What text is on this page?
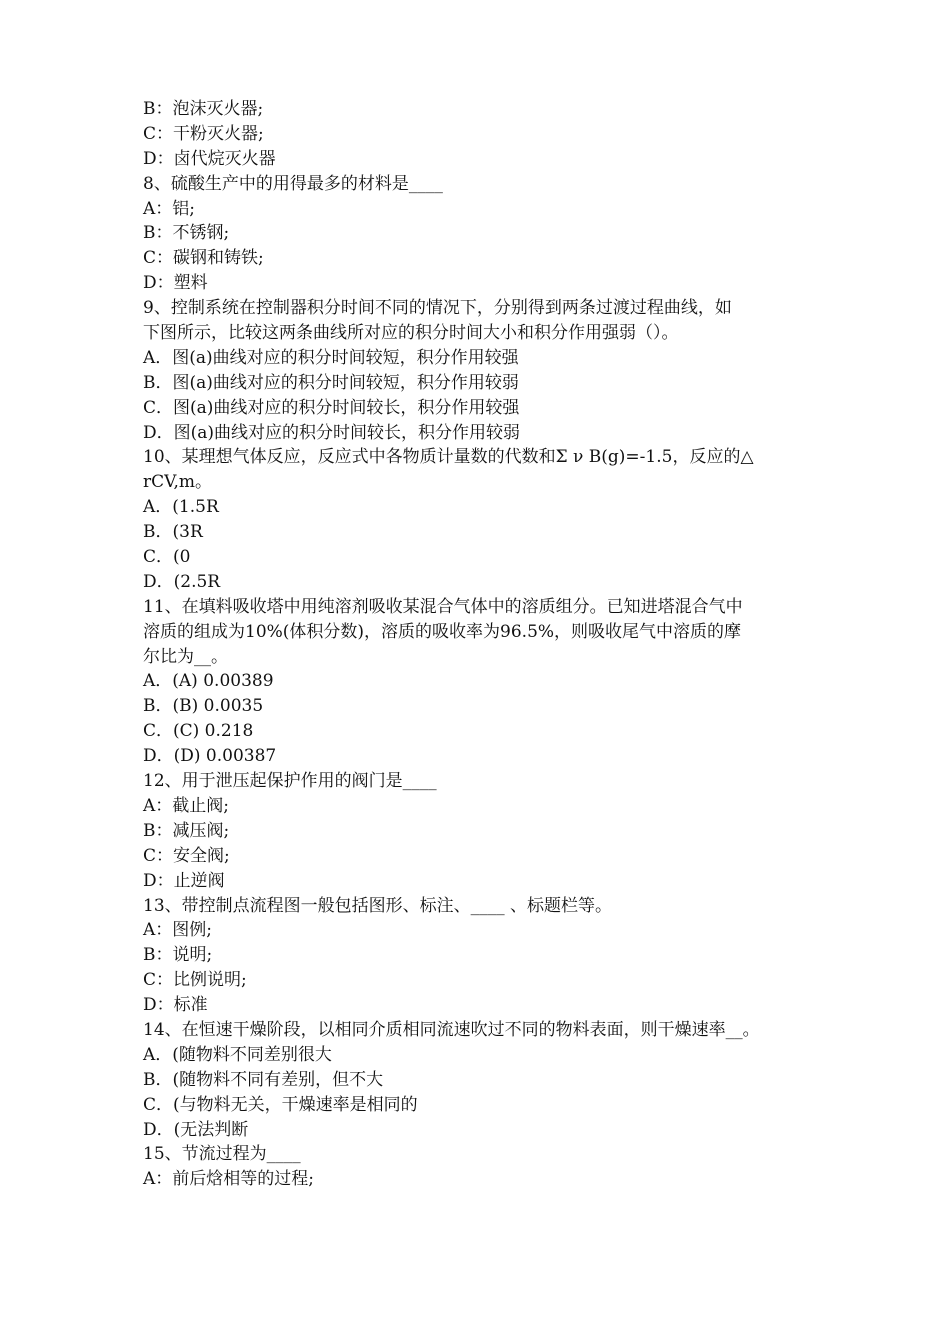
B：泡沫灭火器;
C：干粉灭火器;
D：卤代烷灭火器
8、硫酸生产中的用得最多的材料是____
A：铝;
B：不锈钢;
C：碳钢和铸铁;
D：塑料
9、控制系统在控制器积分时间不同的情况下，分别得到两条过渡过程曲线，如
下图所示，比较这两条曲线所对应的积分时间大小和积分作用强弱（）。
A．图(a)曲线对应的积分时间较短，积分作用较强
B．图(a)曲线对应的积分时间较短，积分作用较弱
C．图(a)曲线对应的积分时间较长，积分作用较强
D．图(a)曲线对应的积分时间较长，积分作用较弱
10、某理想气体反应，反应式中各物质计量数的代数和Σ ν B(g)=-1.5，反应的△
rCV,m。
A．(1.5R
B．(3R
C．(0
D．(2.5R
11、在填料吸收塔中用纯溶剂吸收某混合气体中的溶质组分。已知进塔混合气中
溶质的组成为10%(体积分数)，溶质的吸收率为96.5%，则吸收尾气中溶质的摩
尔比为__。
A．(A) 0.00389
B．(B) 0.0035
C．(C) 0.218
D．(D) 0.00387
12、用于泄压起保护作用的阀门是____
A：截止阀;
B：减压阀;
C：安全阀;
D：止逆阀
13、带控制点流程图一般包括图形、标注、____ 、标题栏等。
A：图例;
B：说明;
C：比例说明;
D：标准
14、在恒速干燥阶段，以相同介质相同流速吹过不同的物料表面，则干燥速率__。
A．(随物料不同差别很大
B．(随物料不同有差别，但不大
C．(与物料无关，干燥速率是相同的
D．(无法判断
15、节流过程为____
A：前后焓相等的过程;
